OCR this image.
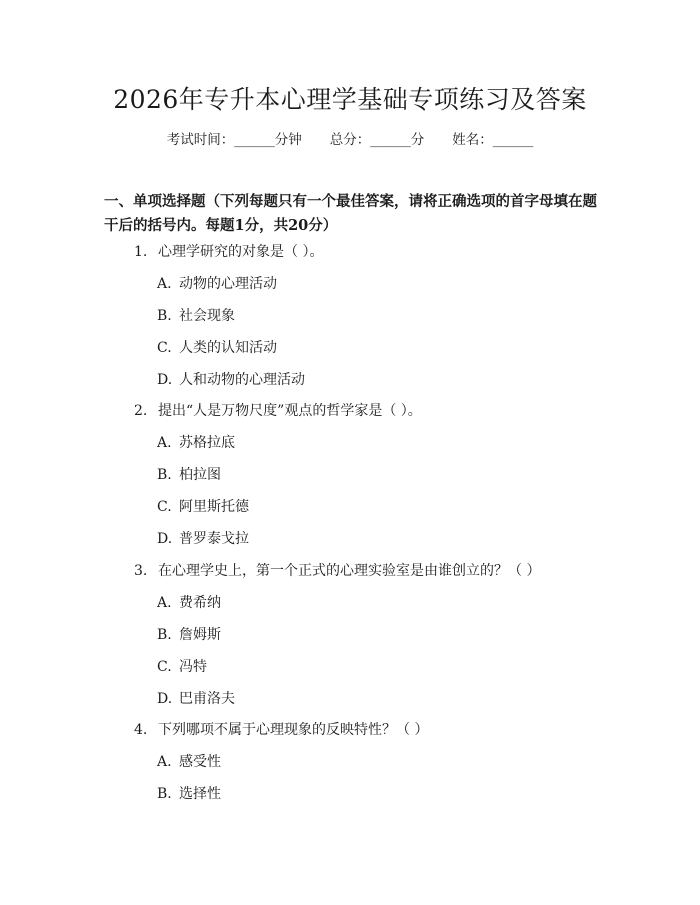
2026年专升本心理学基础专项练习及答案
考试时间：______分钟 总分：______分 姓名：______
一、单项选择题（下列每题只有一个最佳答案，请将正确选项的首字母填在题干后的括号内。每题1分，共20分）
1. 心理学研究的对象是（ ）。
A. 动物的心理活动
B. 社会现象
C. 人类的认知活动
D. 人和动物的心理活动
2. 提出“人是万物尺度”观点的哲学家是（ ）。
A. 苏格拉底
B. 柏拉图
C. 阿里斯托德
D. 普罗泰戈拉
3. 在心理学史上，第一个正式的心理实验室是由谁创立的？（ ）
A. 费希纳
B. 詹姆斯
C. 冯特
D. 巴甫洛夫
4. 下列哪项不属于心理现象的反映特性？（ ）
A. 感受性
B. 选择性
